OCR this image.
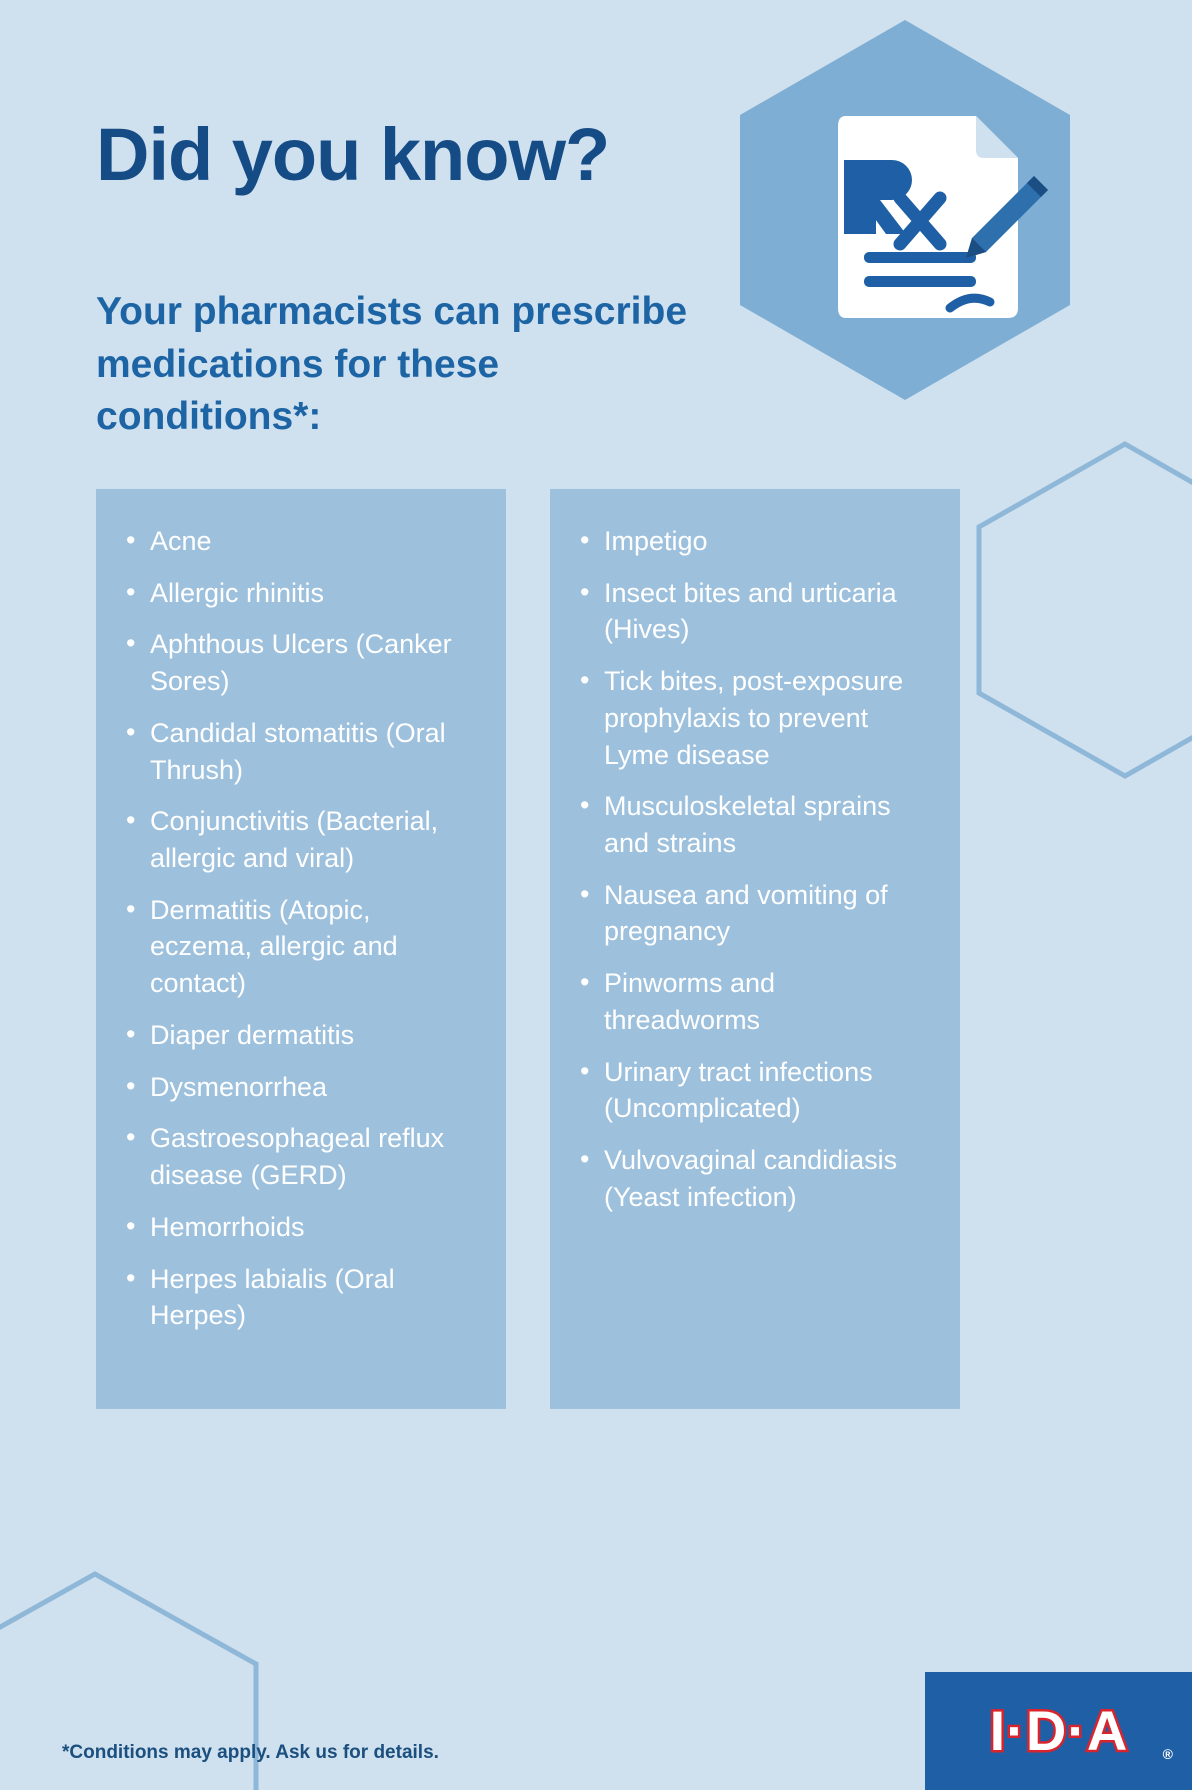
Did you know?
Your pharmacists can prescribe medications for these conditions*:
• Acne
• Allergic rhinitis
• Aphthous Ulcers (Canker Sores)
• Candidal stomatitis (Oral Thrush)
• Conjunctivitis (Bacterial, allergic and viral)
• Dermatitis (Atopic, eczema, allergic and contact)
• Diaper dermatitis
• Dysmenorrhea
• Gastroesophageal reflux disease (GERD)
• Hemorrhoids
• Herpes labialis (Oral Herpes)
• Impetigo
• Insect bites and urticaria (Hives)
• Tick bites, post-exposure prophylaxis to prevent Lyme disease
• Musculoskeletal sprains and strains
• Nausea and vomiting of pregnancy
• Pinworms and threadworms
• Urinary tract infections (Uncomplicated)
• Vulvovaginal candidiasis (Yeast infection)
*Conditions may apply. Ask us for details.	I·D·A	®
